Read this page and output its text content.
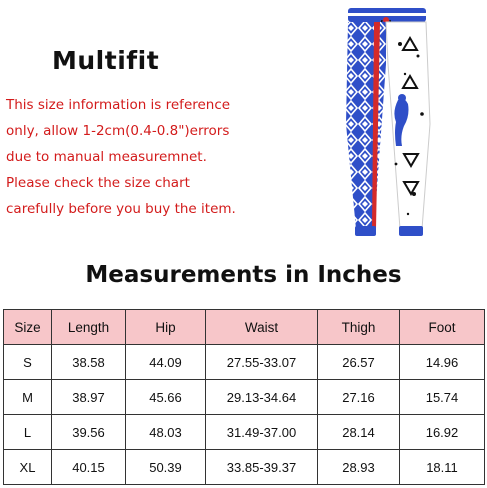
Multifit
This size information is reference
only, allow 1-2cm(0.4-0.8")errors
due to manual measuremnet.
Please check the size chart
carefully before you buy the item.
Measurements in Inches
Size	Length	Hip	Waist	Thigh	Foot
S	38.58	44.09	27.55-33.07	26.57	14.96
M	38.97	45.66	29.13-34.64	27.16	15.74
L	39.56	48.03	31.49-37.00	28.14	16.92
XL	40.15	50.39	33.85-39.37	28.93	18.11
